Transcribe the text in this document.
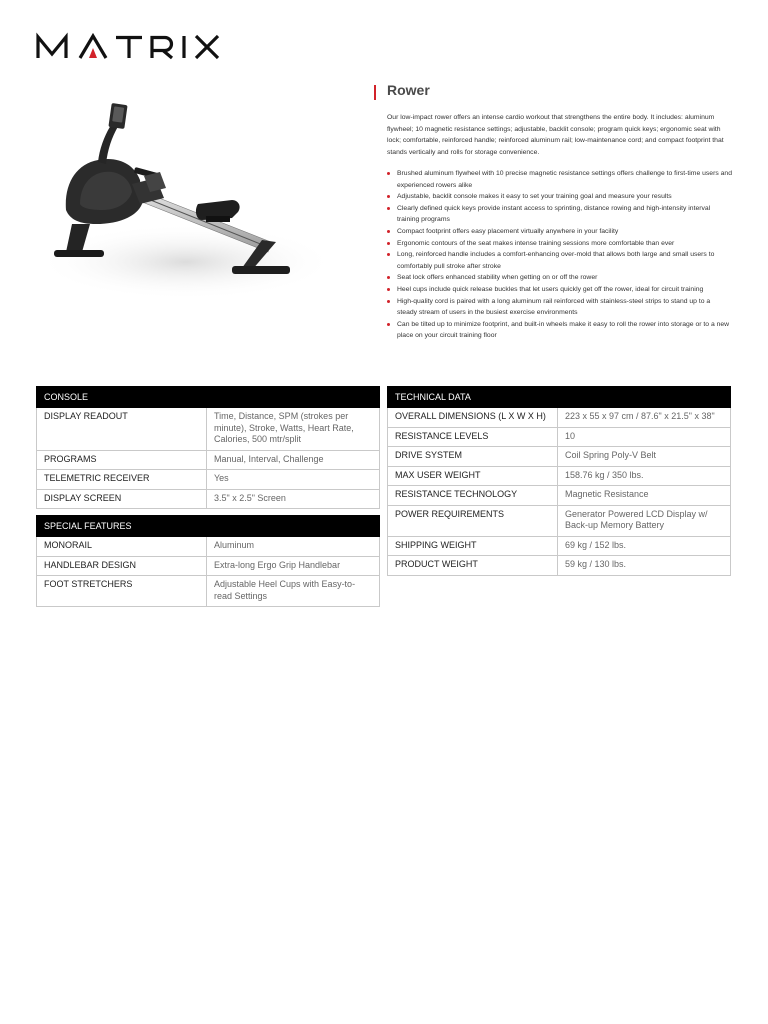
Rower

Our low-impact rower offers an intense cardio workout that strengthens the entire body. It includes: aluminum flywheel; 10 magnetic resistance settings; adjustable, backlit console; program quick keys; ergonomic seat with lock; comfortable, reinforced handle; reinforced aluminum rail; low-maintenance cord; and compact footprint that stands vertically and rolls for storage convenience.

Brushed aluminum flywheel with 10 precise magnetic resistance settings offers challenge to first-time users and experienced rowers alike
Adjustable, backlit console makes it easy to set your training goal and measure your results
Clearly defined quick keys provide instant access to sprinting, distance rowing and high-intensity interval training programs
Compact footprint offers easy placement virtually anywhere in your facility
Ergonomic contours of the seat makes intense training sessions more comfortable than ever
Long, reinforced handle includes a comfort-enhancing over-mold that allows both large and small users to comfortably pull stroke after stroke
Seat lock offers enhanced stability when getting on or off the rower
Heel cups include quick release buckles that let users quickly get off the rower, ideal for circuit training
High-quality cord is paired with a long aluminum rail reinforced with stainless-steel strips to stand up to a steady stream of users in the busiest exercise environments
Can be tilted up to minimize footprint, and built-in wheels make it easy to roll the rower into storage or to a new place on your circuit training floor
CONSOLE	
DISPLAY READOUT	Time, Distance, SPM (strokes per minute), Stroke, Watts, Heart Rate, Calories, 500 mtr/split
PROGRAMS	Manual, Interval, Challenge
TELEMETRIC RECEIVER	Yes
DISPLAY SCREEN	3.5" x 2.5" Screen
SPECIAL FEATURES	
MONORAIL	Aluminum
HANDLEBAR DESIGN	Extra-long Ergo Grip Handlebar
FOOT STRETCHERS	Adjustable Heel Cups with Easy-to-read Settings
TECHNICAL DATA	
OVERALL DIMENSIONS (L X W X H)	223 x 55 x 97 cm / 87.6" x 21.5" x 38"
RESISTANCE LEVELS	10
DRIVE SYSTEM	Coil Spring Poly-V Belt
MAX USER WEIGHT	158.76 kg / 350 lbs.
RESISTANCE TECHNOLOGY	Magnetic Resistance
POWER REQUIREMENTS	Generator Powered LCD Display w/ Back-up Memory Battery
SHIPPING WEIGHT	69 kg / 152 lbs.
PRODUCT WEIGHT	59 kg / 130 lbs.
